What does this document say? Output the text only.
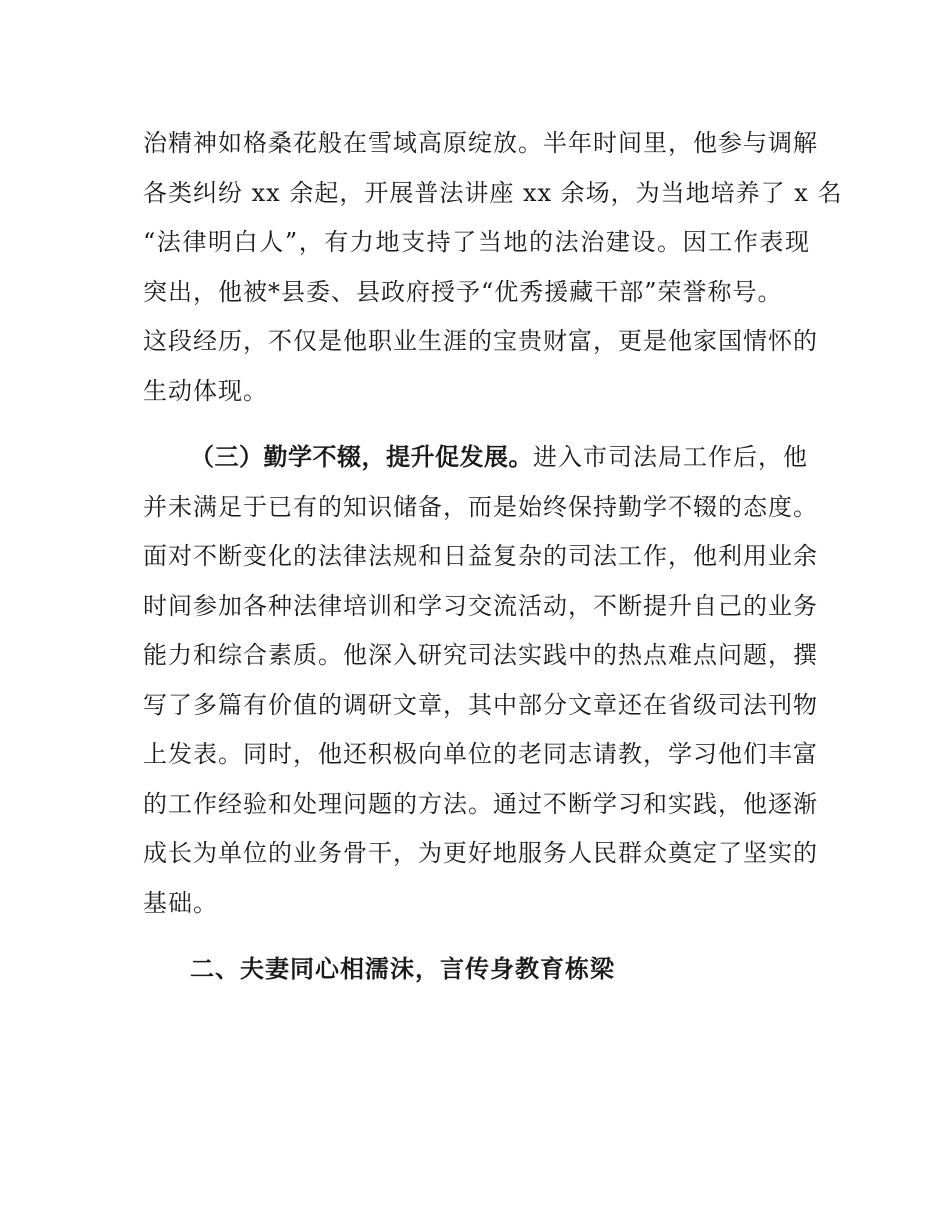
治精神如格桑花般在雪域高原绽放。半年时间里，他参与调解

各类纠纷 xx 余起，开展普法讲座 xx 余场，为当地培养了 x 名

“法律明白人”，有力地支持了当地的法治建设。因工作表现

突出，他被*县委、县政府授予“优秀援藏干部”荣誉称号。

这段经历，不仅是他职业生涯的宝贵财富，更是他家国情怀的

生动体现。

（三）勤学不辍，提升促发展。进入市司法局工作后，他

并未满足于已有的知识储备，而是始终保持勤学不辍的态度。

面对不断变化的法律法规和日益复杂的司法工作，他利用业余

时间参加各种法律培训和学习交流活动，不断提升自己的业务

能力和综合素质。他深入研究司法实践中的热点难点问题，撰

写了多篇有价值的调研文章，其中部分文章还在省级司法刊物

上发表。同时，他还积极向单位的老同志请教，学习他们丰富

的工作经验和处理问题的方法。通过不断学习和实践，他逐渐

成长为单位的业务骨干，为更好地服务人民群众奠定了坚实的

基础。

二、夫妻同心相濡沫，言传身教育栋梁
